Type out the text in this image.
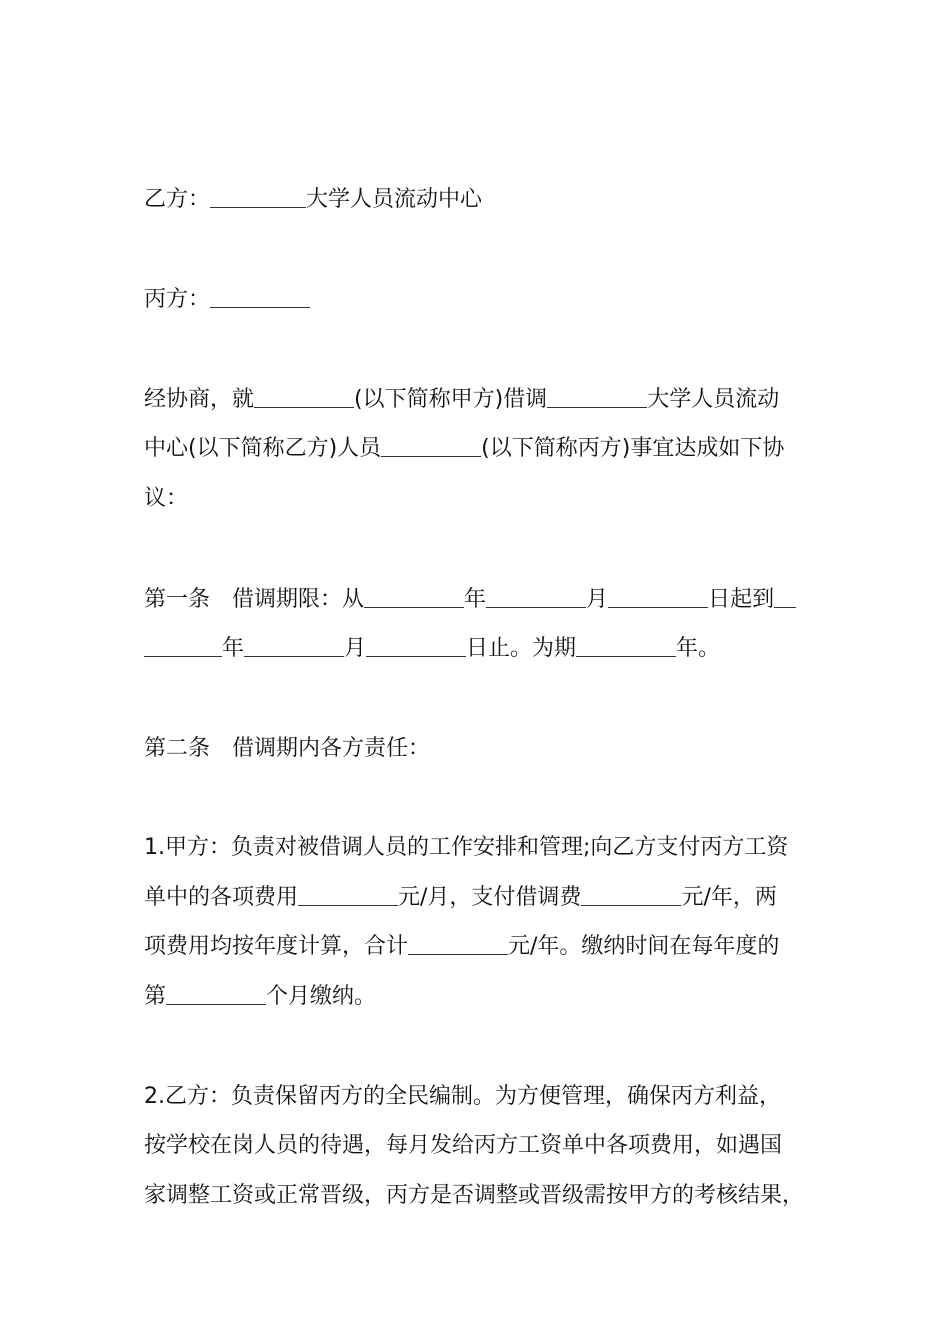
乙方：	大学人员流动中心
丙方：
经协商，就	(以下简称甲方)借调	大学人员流动
中心(以下简称乙方)人员	(以下简称丙方)事宜达成如下协
议：
第一条 借调期限：从	年	月	日起到
年	月	日止。为期	年。
第二条 借调期内各方责任：
1.甲方：负责对被借调人员的工作安排和管理;向乙方支付丙方工资
单中的各项费用	元/月，支付借调费	元/年，两
项费用均按年度计算，合计	元/年。缴纳时间在每年度的
第	个月缴纳。
2.乙方：负责保留丙方的全民编制。为方便管理，确保丙方利益，
按学校在岗人员的待遇，每月发给丙方工资单中各项费用，如遇国
家调整工资或正常晋级，丙方是否调整或晋级需按甲方的考核结果，
